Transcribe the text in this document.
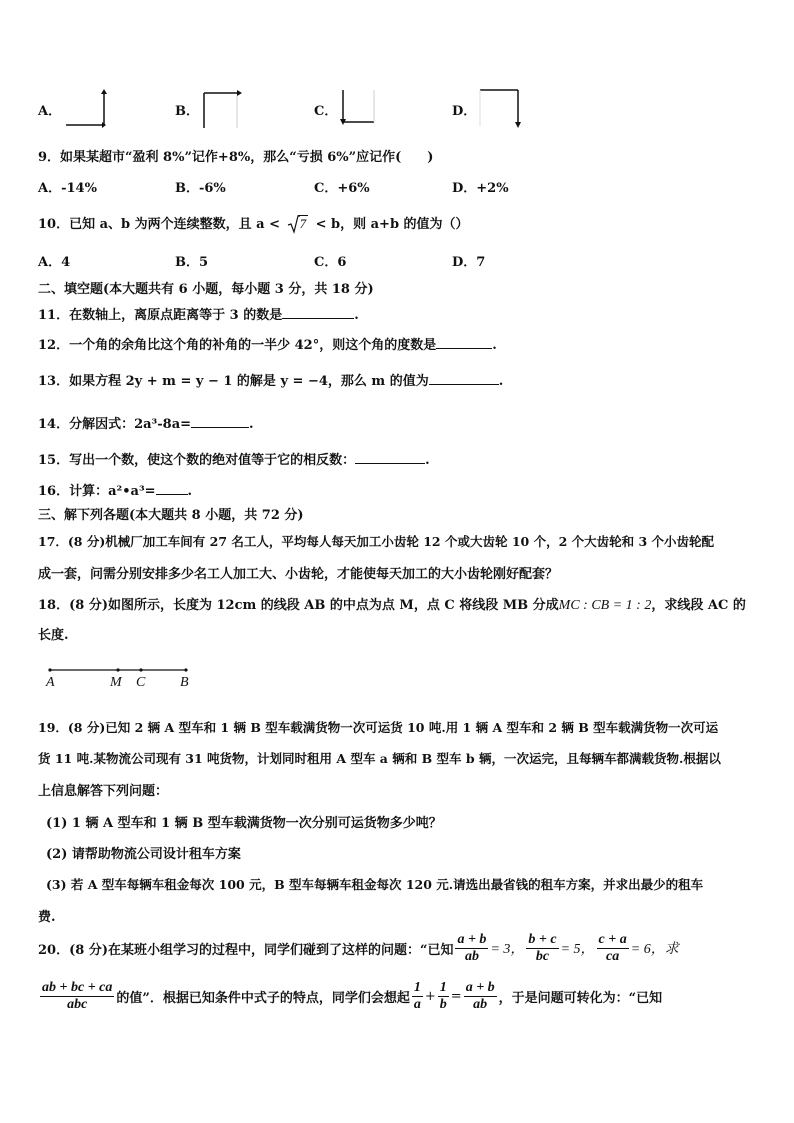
A．	B．	C．	D．
9．如果某超市“盈利 8%”记作+8%，那么“亏损 6%”应记作(　　)
A．-14%	B．-6%	C．+6%	D．+2%
10．已知 a、b 为两个连续整数，且 a < 7 < b，则 a+b 的值为（）
A．4	B．5	C．6	D．7
二、填空题(本大题共有 6 小题，每小题 3 分，共 18 分)
11．在数轴上，离原点距离等于 3 的数是	.
12．一个角的余角比这个角的补角的一半少 42°，则这个角的度数是	.
13．如果方程 2y + m = y − 1 的解是 y = −4，那么 m 的值为	.
14．分解因式：2a³-8a=	.
15．写出一个数，使这个数的绝对值等于它的相反数：	.
16．计算：a²•a³= .
三、解下列各题(本大题共 8 小题，共 72 分)
17．(8 分)机械厂加工车间有 27 名工人，平均每人每天加工小齿轮 12 个或大齿轮 10 个，2 个大齿轮和 3 个小齿轮配
成一套，问需分别安排多少名工人加工大、小齿轮，才能使每天加工的大小齿轮刚好配套？
18．(8 分)如图所示，长度为 12cm 的线段 AB 的中点为点 M，点 C 将线段 MB 分成MC : CB = 1 : 2，求线段 AC 的
长度.
A	M C B
19．(8 分)已知 2 辆 A 型车和 1 辆 B 型车载满货物一次可运货 10 吨.用 1 辆 A 型车和 2 辆 B 型车载满货物一次可运
货 11 吨.某物流公司现有 31 吨货物，计划同时租用 A 型车 a 辆和 B 型车 b 辆，一次运完，且每辆车都满载货物.根据以
上信息解答下列问题：
(1) 1 辆 A 型车和 1 辆 B 型车载满货物一次分别可运货物多少吨？
(2) 请帮助物流公司设计租车方案
(3) 若 A 型车每辆车租金每次 100 元，B 型车每辆车租金每次 120 元.请选出最省钱的租车方案，并求出最少的租车
费.
20．(8 分)在某班小组学习的过程中，同学们碰到了这样的问题：“已知 $\frac{a + b}{ab} = 3$， $\frac{b + c}{bc} = 5$， $\frac{c + a}{ca} = 6$，求
$\frac{ab + bc + ca}{\text{abc}}$ 的值”．根据已知条件中式子的特点，同学们会想起 $\frac{1}{a} + \frac{1}{b} = \frac{a + b}{ab}$ ，于是问题可转化为：“已知
